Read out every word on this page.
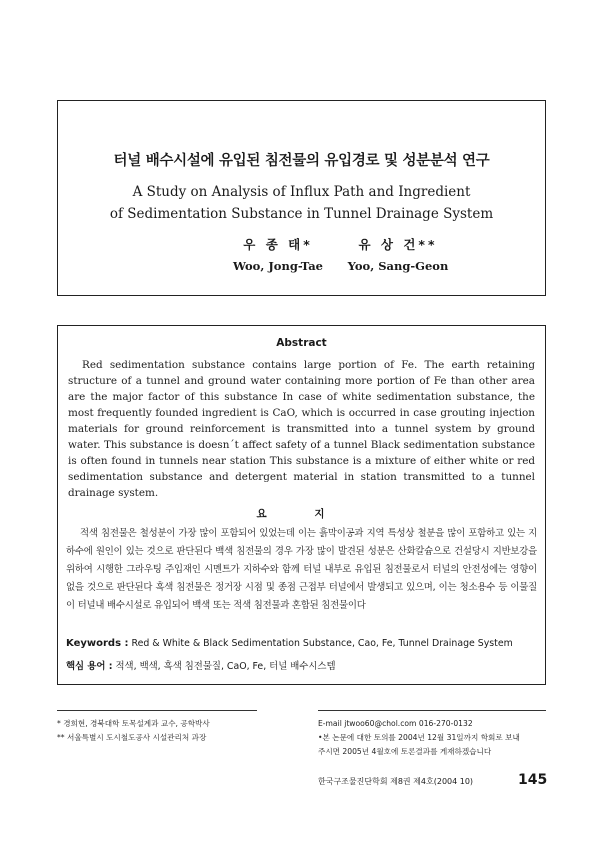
터널 배수시설에 유입된 침전물의 유입경로 및 성분분석 연구
A Study on Analysis of Influx Path and Ingredient
of Sedimentation Substance in Tunnel Drainage System
우 종 태*
Woo, Jong-Tae
유 상 건**
Yoo, Sang-Geon
Abstract
Red sedimentation substance contains large portion of Fe. The earth retaining structure of a tunnel and ground water containing more portion of Fe than other area are the major factor of this substance In case of white sedimentation substance, the most frequently founded ingredient is CaO, which is occurred in case grouting injection materials for ground reinforcement is transmitted into a tunnel system by ground water. This substance is doesn´t affect safety of a tunnel Black sedimentation substance is often found in tunnels near station This substance is a mixture of either white or red sedimentation substance and detergent material in station transmitted to a tunnel drainage system.
요 지
적색 침전물은 철성분이 가장 많이 포함되어 있었는데 이는 흙막이공과 지역 특성상 철분을 많이 포함하고 있는 지하수에 원인이 있는 것으로 판단된다 백색 침전물의 경우 가장 많이 발견된 성분은 산화칼슘으로 건설당시 지반보강을 위하여 시행한 그라우팅 주입재인 시멘트가 지하수와 함께 터널 내부로 유입된 침전물로서 터널의 안전성에는 영향이 없을 것으로 판단된다 흑색 침전물은 정거장 시점 및 종점 근접부 터널에서 발생되고 있으며, 이는 청소용수 등 이물질이 터널내 배수시설로 유입되어 백색 또는 적색 침전물과 혼합된 침전물이다
Keywords : Red & White & Black Sedimentation Substance, Cao, Fe, Tunnel Drainage System
핵심 용어 : 적색, 백색, 흑색 침전물질, CaO, Fe, 터널 배수시스템
* 경희현, 경북대학 토목설계과 교수, 공학박사
** 서울특별시 도시철도공사 시설관리처 과장
E-mail jtwoo60@chol.com 016-270-0132
•본 논문에 대한 토의를 2004년 12월 31일까지 학회로 보내
주시면 2005년 4월호에 토론결과를 게재하겠습니다
한국구조물진단학회 제8권 제4호(2004 10)	145
